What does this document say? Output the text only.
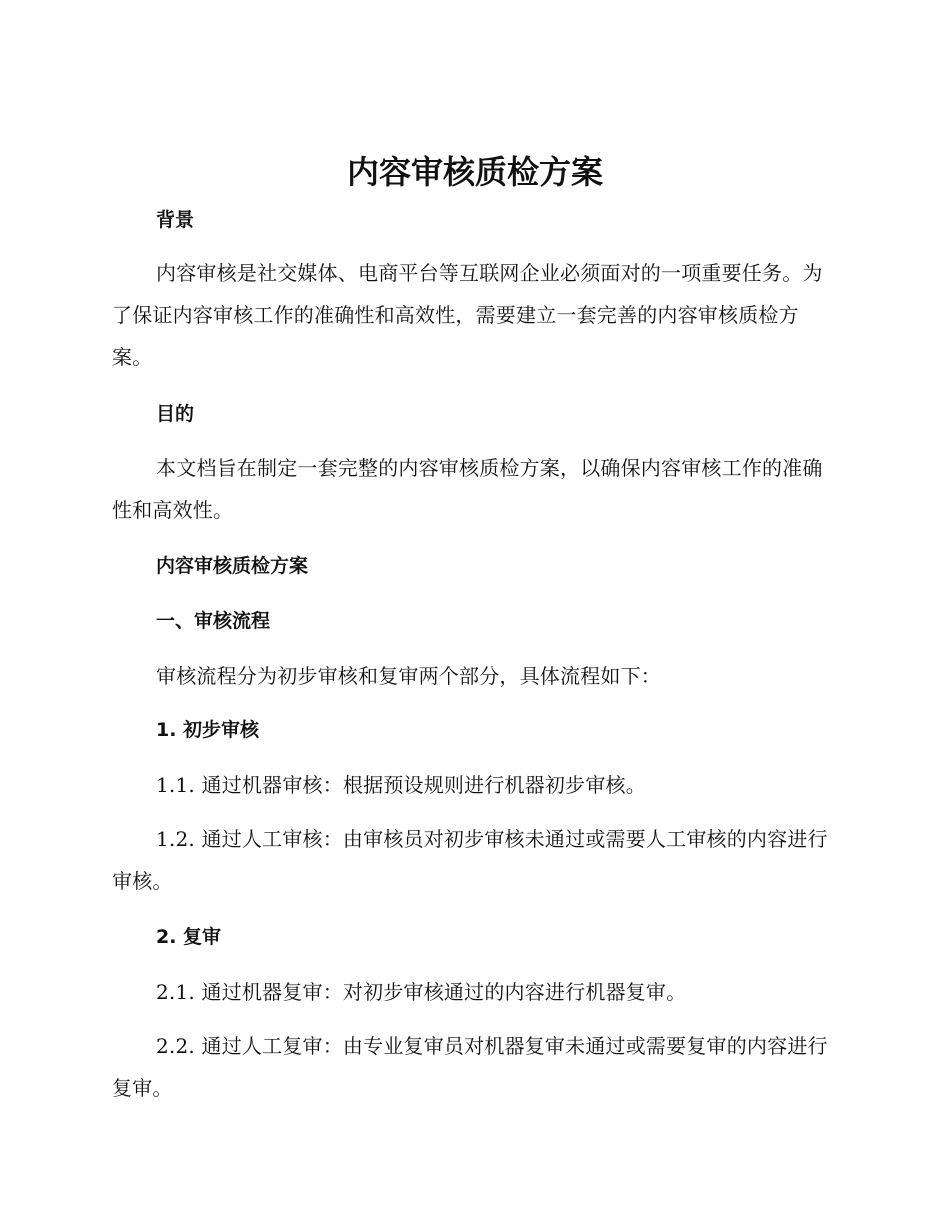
内容审核质检方案
背景
内容审核是社交媒体、电商平台等互联网企业必须面对的一项重要任务。为了保证内容审核工作的准确性和高效性，需要建立一套完善的内容审核质检方案。
目的
本文档旨在制定一套完整的内容审核质检方案，以确保内容审核工作的准确性和高效性。
内容审核质检方案
一、审核流程
审核流程分为初步审核和复审两个部分，具体流程如下：
1. 初步审核
1.1. 通过机器审核：根据预设规则进行机器初步审核。
1.2. 通过人工审核：由审核员对初步审核未通过或需要人工审核的内容进行审核。
2. 复审
2.1. 通过机器复审：对初步审核通过的内容进行机器复审。
2.2. 通过人工复审：由专业复审员对机器复审未通过或需要复审的内容进行复审。
